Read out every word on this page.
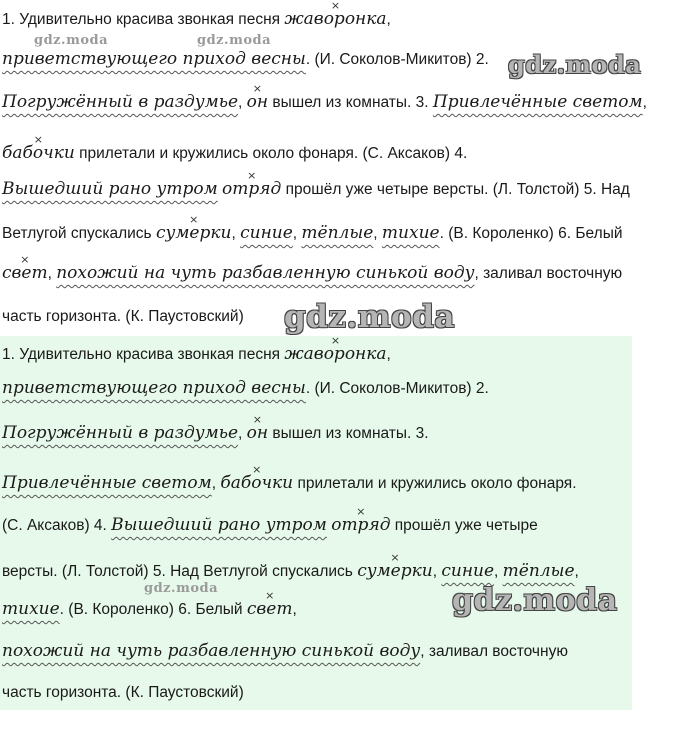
1. Удивительно красива звонкая песня × жаворонка,
приветствующего приход весны. (И. Соколов-Микитов) 2.
Погружённый в раздумье, × он вышел из комнаты. 3. Привлечённые светом,
× бабочки прилетали и кружились около фонаря. (С. Аксаков) 4.
Вышедший рано утром × отряд прошёл уже четыре версты. (Л. Толстой) 5. Над
Ветлугой спускались × сумерки, синие, тёплые, тихие. (В. Короленко) 6. Белый
× свет, похожий на чуть разбавленную синькой воду, заливал восточную
часть горизонта. (К. Паустовский)
1. Удивительно красива звонкая песня × жаворонка,
приветствующего приход весны. (И. Соколов-Микитов) 2.
Погружённый в раздумье, × он вышел из комнаты. 3.
Привлечённые светом, × бабочки прилетали и кружились около фонаря.
(С. Аксаков) 4. Вышедший рано утром × отряд прошёл уже четыре
версты. (Л. Толстой) 5. Над Ветлугой спускались × сумерки, синие, тёплые,
тихие. (В. Короленко) 6. Белый × свет,
похожий на чуть разбавленную синькой воду, заливал восточную
часть горизонта. (К. Паустовский)
gdz.moda	gdz.moda
gdz.moda
gdz.moda
gdz.moda	gdz.moda
